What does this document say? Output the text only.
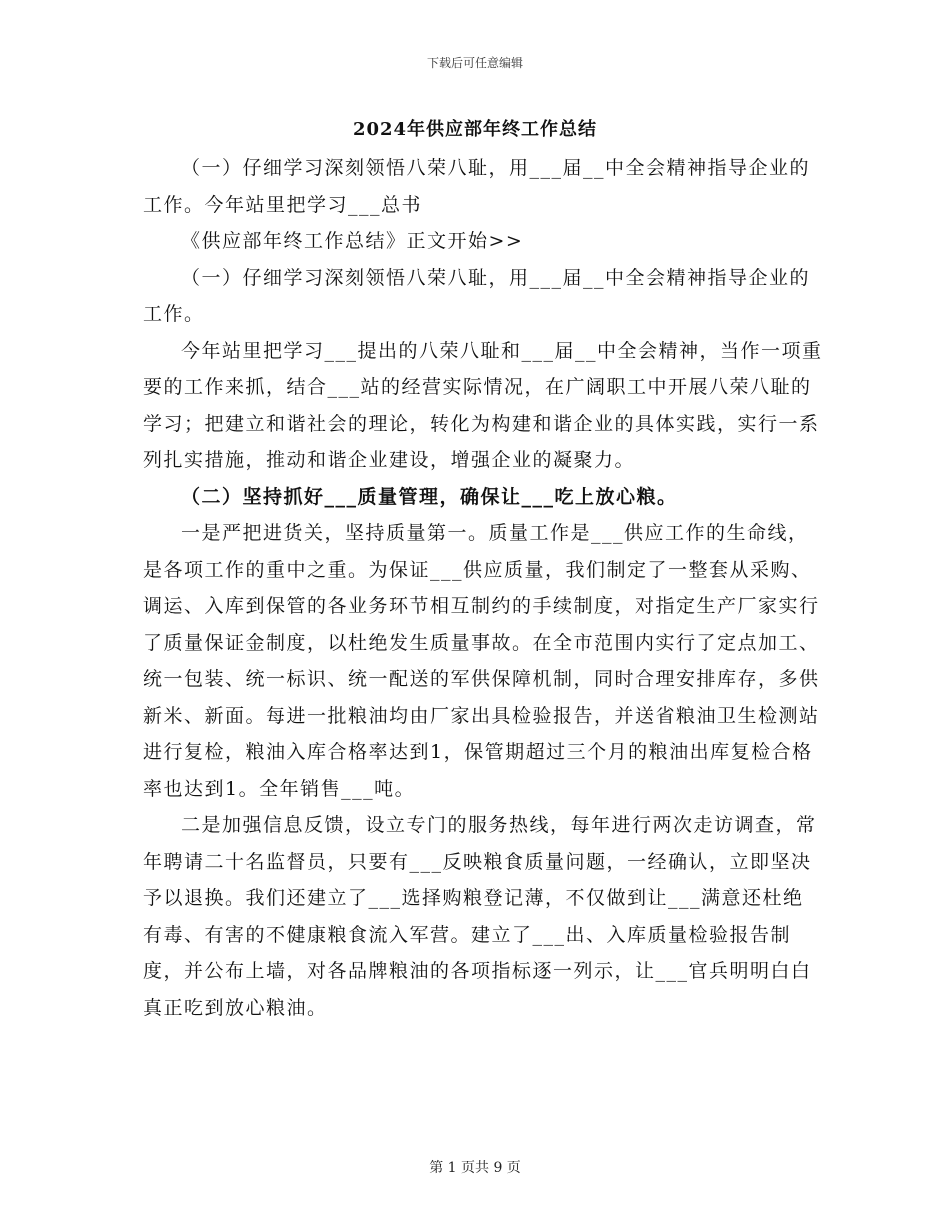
下载后可任意编辑
2024年供应部年终工作总结

（一）仔细学习深刻领悟八荣八耻，用___届__中全会精神指导企业的工作。今年站里把学习___总书

《供应部年终工作总结》正文开始>>

（一）仔细学习深刻领悟八荣八耻，用___届__中全会精神指导企业的工作。

今年站里把学习___提出的八荣八耻和___届__中全会精神，当作一项重要的工作来抓，结合___站的经营实际情况，在广阔职工中开展八荣八耻的学习；把建立和谐社会的理论，转化为构建和谐企业的具体实践，实行一系列扎实措施，推动和谐企业建设，增强企业的凝聚力。

（二）坚持抓好___质量管理，确保让___吃上放心粮。

一是严把进货关，坚持质量第一。质量工作是___供应工作的生命线，是各项工作的重中之重。为保证___供应质量，我们制定了一整套从采购、调运、入库到保管的各业务环节相互制约的手续制度，对指定生产厂家实行了质量保证金制度，以杜绝发生质量事故。在全市范围内实行了定点加工、统一包装、统一标识、统一配送的军供保障机制，同时合理安排库存，多供新米、新面。每进一批粮油均由厂家出具检验报告，并送省粮油卫生检测站进行复检，粮油入库合格率达到1，保管期超过三个月的粮油出库复检合格率也达到1。全年销售___吨。

二是加强信息反馈，设立专门的服务热线，每年进行两次走访调查，常年聘请二十名监督员，只要有___反映粮食质量问题，一经确认，立即坚决予以退换。我们还建立了___选择购粮登记薄，不仅做到让___满意还杜绝有毒、有害的不健康粮食流入军营。建立了___出、入库质量检验报告制度，并公布上墙，对各品牌粮油的各项指标逐一列示，让___官兵明明白白真正吃到放心粮油。

第 1 页共 9 页
